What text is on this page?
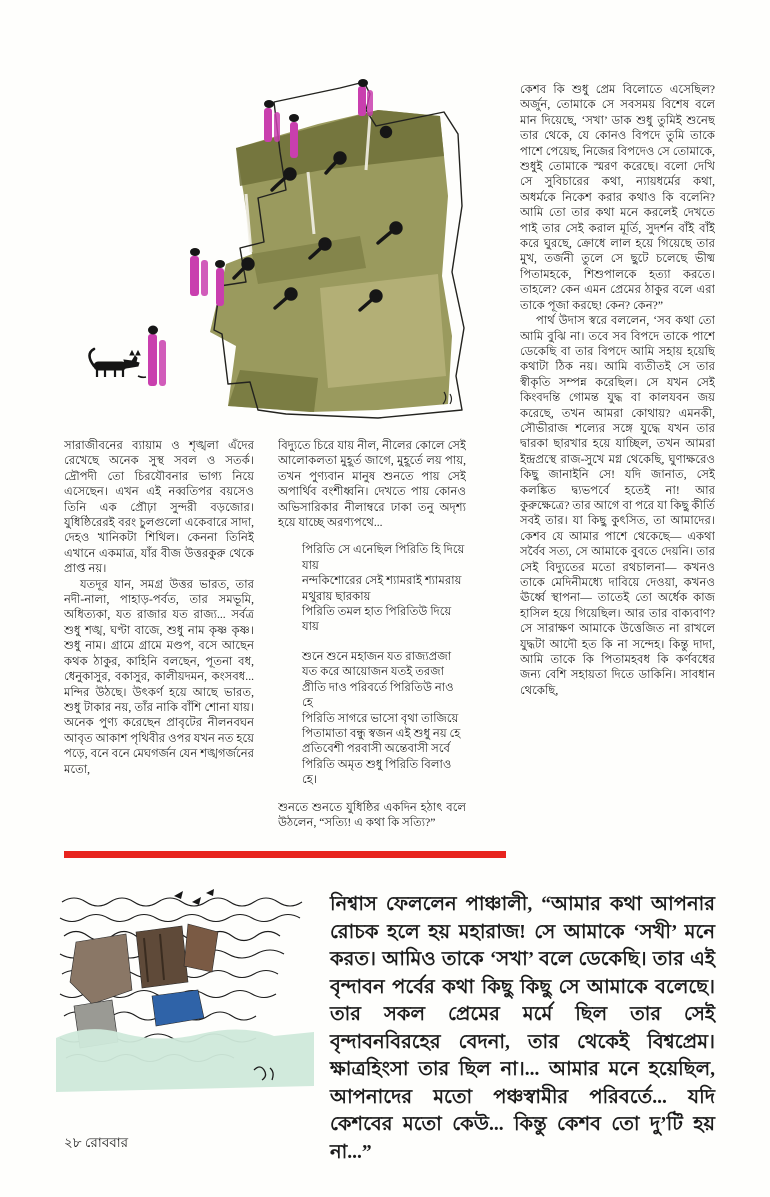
সারাজীবনের ব্যায়াম ও শৃঙ্খলা এঁদের রেখেছে অনেক সুস্থ সবল ও সতর্ক। দ্রৌপদী তো চিরযৌবনার ভাগ্য নিয়ে এসেছেন। এখন এই নব্বতিপর বয়সেও তিনি এক প্রৌঢ়া সুন্দরী বড়জোর। যুধিষ্ঠিরেরই বরং চুলগুলো একেবারে সাদা, দেহও খানিকটা শিথিল। কেননা তিনিই এখানে একমাত্র, যাঁর বীজ উত্তরকুরু থেকে প্রাপ্ত নয়।

যতদূর যান, সমগ্র উত্তর ভারত, তার নদী-নালা, পাহাড়-পর্বত, তার সমভূমি, অধিত্যকা, যত রাজার যত রাজ্য... সর্বত্র শুধু শঙ্খ, ঘণ্টা বাজে, শুধু নাম কৃষ্ণ কৃষ্ণ। শুধু নাম। গ্রামে গ্রামে মণ্ডপ, বসে আছেন কথক ঠাকুর, কাহিনি বলছেন, পূতনা বধ, ধেনুকাসুর, বকাসুর, কালীয়দমন, কংসবধ... মন্দির উঠছে। উৎকর্ণ হয়ে আছে ভারত, শুধু টাকার নয়, তাঁর নাকি বাঁশি শোনা যায়। অনেক পুণ্য করেছেন প্রাবৃটের নীলনবঘন আবৃত আকাশ পৃথিবীর ওপর যখন নত হয়ে পড়ে, বনে বনে মেঘগর্জন যেন শঙ্খগর্জনের মতো,

বিদ্যুতে চিরে যায় নীল, নীলের কোলে সেই আলোকলতা মুহূর্ত জাগে, মুহূর্তে লয় পায়, তখন পুণ্যবান মানুষ শুনতে পায় সেই অপার্থিব বংশীধ্বনি। দেখতে পায় কোনও অভিসারিকার নীলাম্বরে ঢাকা তনু অদৃশ্য হয়ে যাচ্ছে অরণ্যপথে...

পিরিতি সে এনেছিল পিরিতি হি দিয়ে যায়
নন্দকিশোরের সেই শ্যামরাই শ্যামরায়
মথুরায় ছারকায়
পিরিতি তমল হাত পিরিতিউ দিয়ে যায়
শুনে শুনে মহাজন যত রাজ্যপ্রজা
যত করে আয়োজন যতই তরজা
প্রীতি দাও পরিবর্তে পিরিতিউ নাও হে
পিরিতি সাগরে ভাসো বৃথা তাজিয়ে
পিতামাতা বন্ধু স্বজন এই শুধু নয় হে
প্রতিবেশী পরবাসী অন্তেবাসী সর্বে
পিরিতি অমৃত শুধু পিরিতি বিলাও হে।

শুনতে শুনতে যুধিষ্ঠির একদিন হঠাৎ বলে উঠলেন, “সত্যি! এ কথা কি সত্যি?”

কেশব কি শুধু প্রেম বিলোতে এসেছিল? অর্জুন, তোমাকে সে সবসময় বিশেষ বলে মান দিয়েছে, ‘সখা’ ডাক শুধু তুমিই শুনেছ তার থেকে, যে কোনও বিপদে তুমি তাকে পাশে পেয়েছ, নিজের বিপদেও সে তোমাকে, শুধুই তোমাকে স্মরণ করেছে। বলো দেখি সে সুবিচারের কথা, ন্যায়ধর্মের কথা, অধর্মকে নিকেশ করার কথাও কি বলেনি? আমি তো তার কথা মনে করলেই দেখতে পাই তার সেই করাল মূর্তি, সুদর্শন বাঁই বাঁই করে ঘুরছে, ক্রোধে লাল হয়ে গিয়েছে তার মুখ, তর্জনী তুলে সে ছুটে চলেছে ভীষ্ম পিতামহকে, শিশুপালকে হত্যা করতে। তাহলে? কেন এমন প্রেমের ঠাকুর বলে এরা তাকে পূজা করছে! কেন? কেন?”

পার্থ উদাস স্বরে বললেন, ‘সব কথা তো আমি বুঝি না। তবে সব বিপদে তাকে পাশে ডেকেছি বা তার বিপদে আমি সহায় হয়েছি কথাটা ঠিক নয়। আমি ব্যতীতই সে তার স্বীকৃতি সম্পন্ন করেছিল। সে যখন সেই কিংবদন্তি গোমন্ত যুদ্ধ বা কালযবন জয় করেছে, তখন আমরা কোথায়? এমনকী, সৌভীরাজ শল্যের সঙ্গে যুদ্ধে যখন তার দ্বারকা ছারখার হয়ে যাচ্ছিল, তখন আমরা ইন্দ্রপ্রস্থে রাজ-সুখে মগ্ন থেকেছি, ঘুণাক্ষরেও কিছু জানাইনি সে! যদি জানাত, সেই কলঙ্কিত দ্ব্যভপর্বে হতেই না! আর কুরুক্ষেত্রে? তার আগে বা পরে যা কিছু কীর্তি সবই তার। যা কিছু কুৎসিত, তা আমাদের। কেশব যে আমার পাশে থেকেছে— একথা সর্বৈব সত্য, সে আমাকে বুবতে দেয়নি। তার সেই বিদ্যুতের মতো রথচালনা— কখনও তাকে মেদিনীমধ্যে দাবিয়ে দেওয়া, কখনও ঊর্ধ্বে স্থাপনা— তাতেই তো অর্ধেক কাজ হাসিল হয়ে গিয়েছিল। আর তার বাক্যবাণ? সে সারাক্ষণ আমাকে উত্তেজিত না রাখলে যুদ্ধটা আদৌ হত কি না সন্দেহ। কিন্তু দাদা, আমি তাকে কি পিতামহবধ কি কর্ণবধের জন্য বেশি সহায়তা দিতে ডাকিনি। সাবধান থেকেছি,

নিশ্বাস ফেললেন পাঞ্চালী, “আমার কথা আপনার রোচক হলে হয় মহারাজ! সে আমাকে ‘সখী’ মনে করত। আমিও তাকে ‘সখা’ বলে ডেকেছি। তার এই বৃন্দাবন পর্বের কথা কিছু কিছু সে আমাকে বলেছে। তার সকল প্রেমের মর্মে ছিল তার সেই বৃন্দাবনবিরহের বেদনা, তার থেকেই বিশ্বপ্রেম। ক্ষাত্রহিংসা তার ছিল না।... আমার মনে হয়েছিল, আপনাদের মতো পঞ্চস্বামীর পরিবর্তে... যদি কেশবের মতো কেউ... কিন্তু কেশব তো দু’টি হয় না...”
২৮ রোববার
